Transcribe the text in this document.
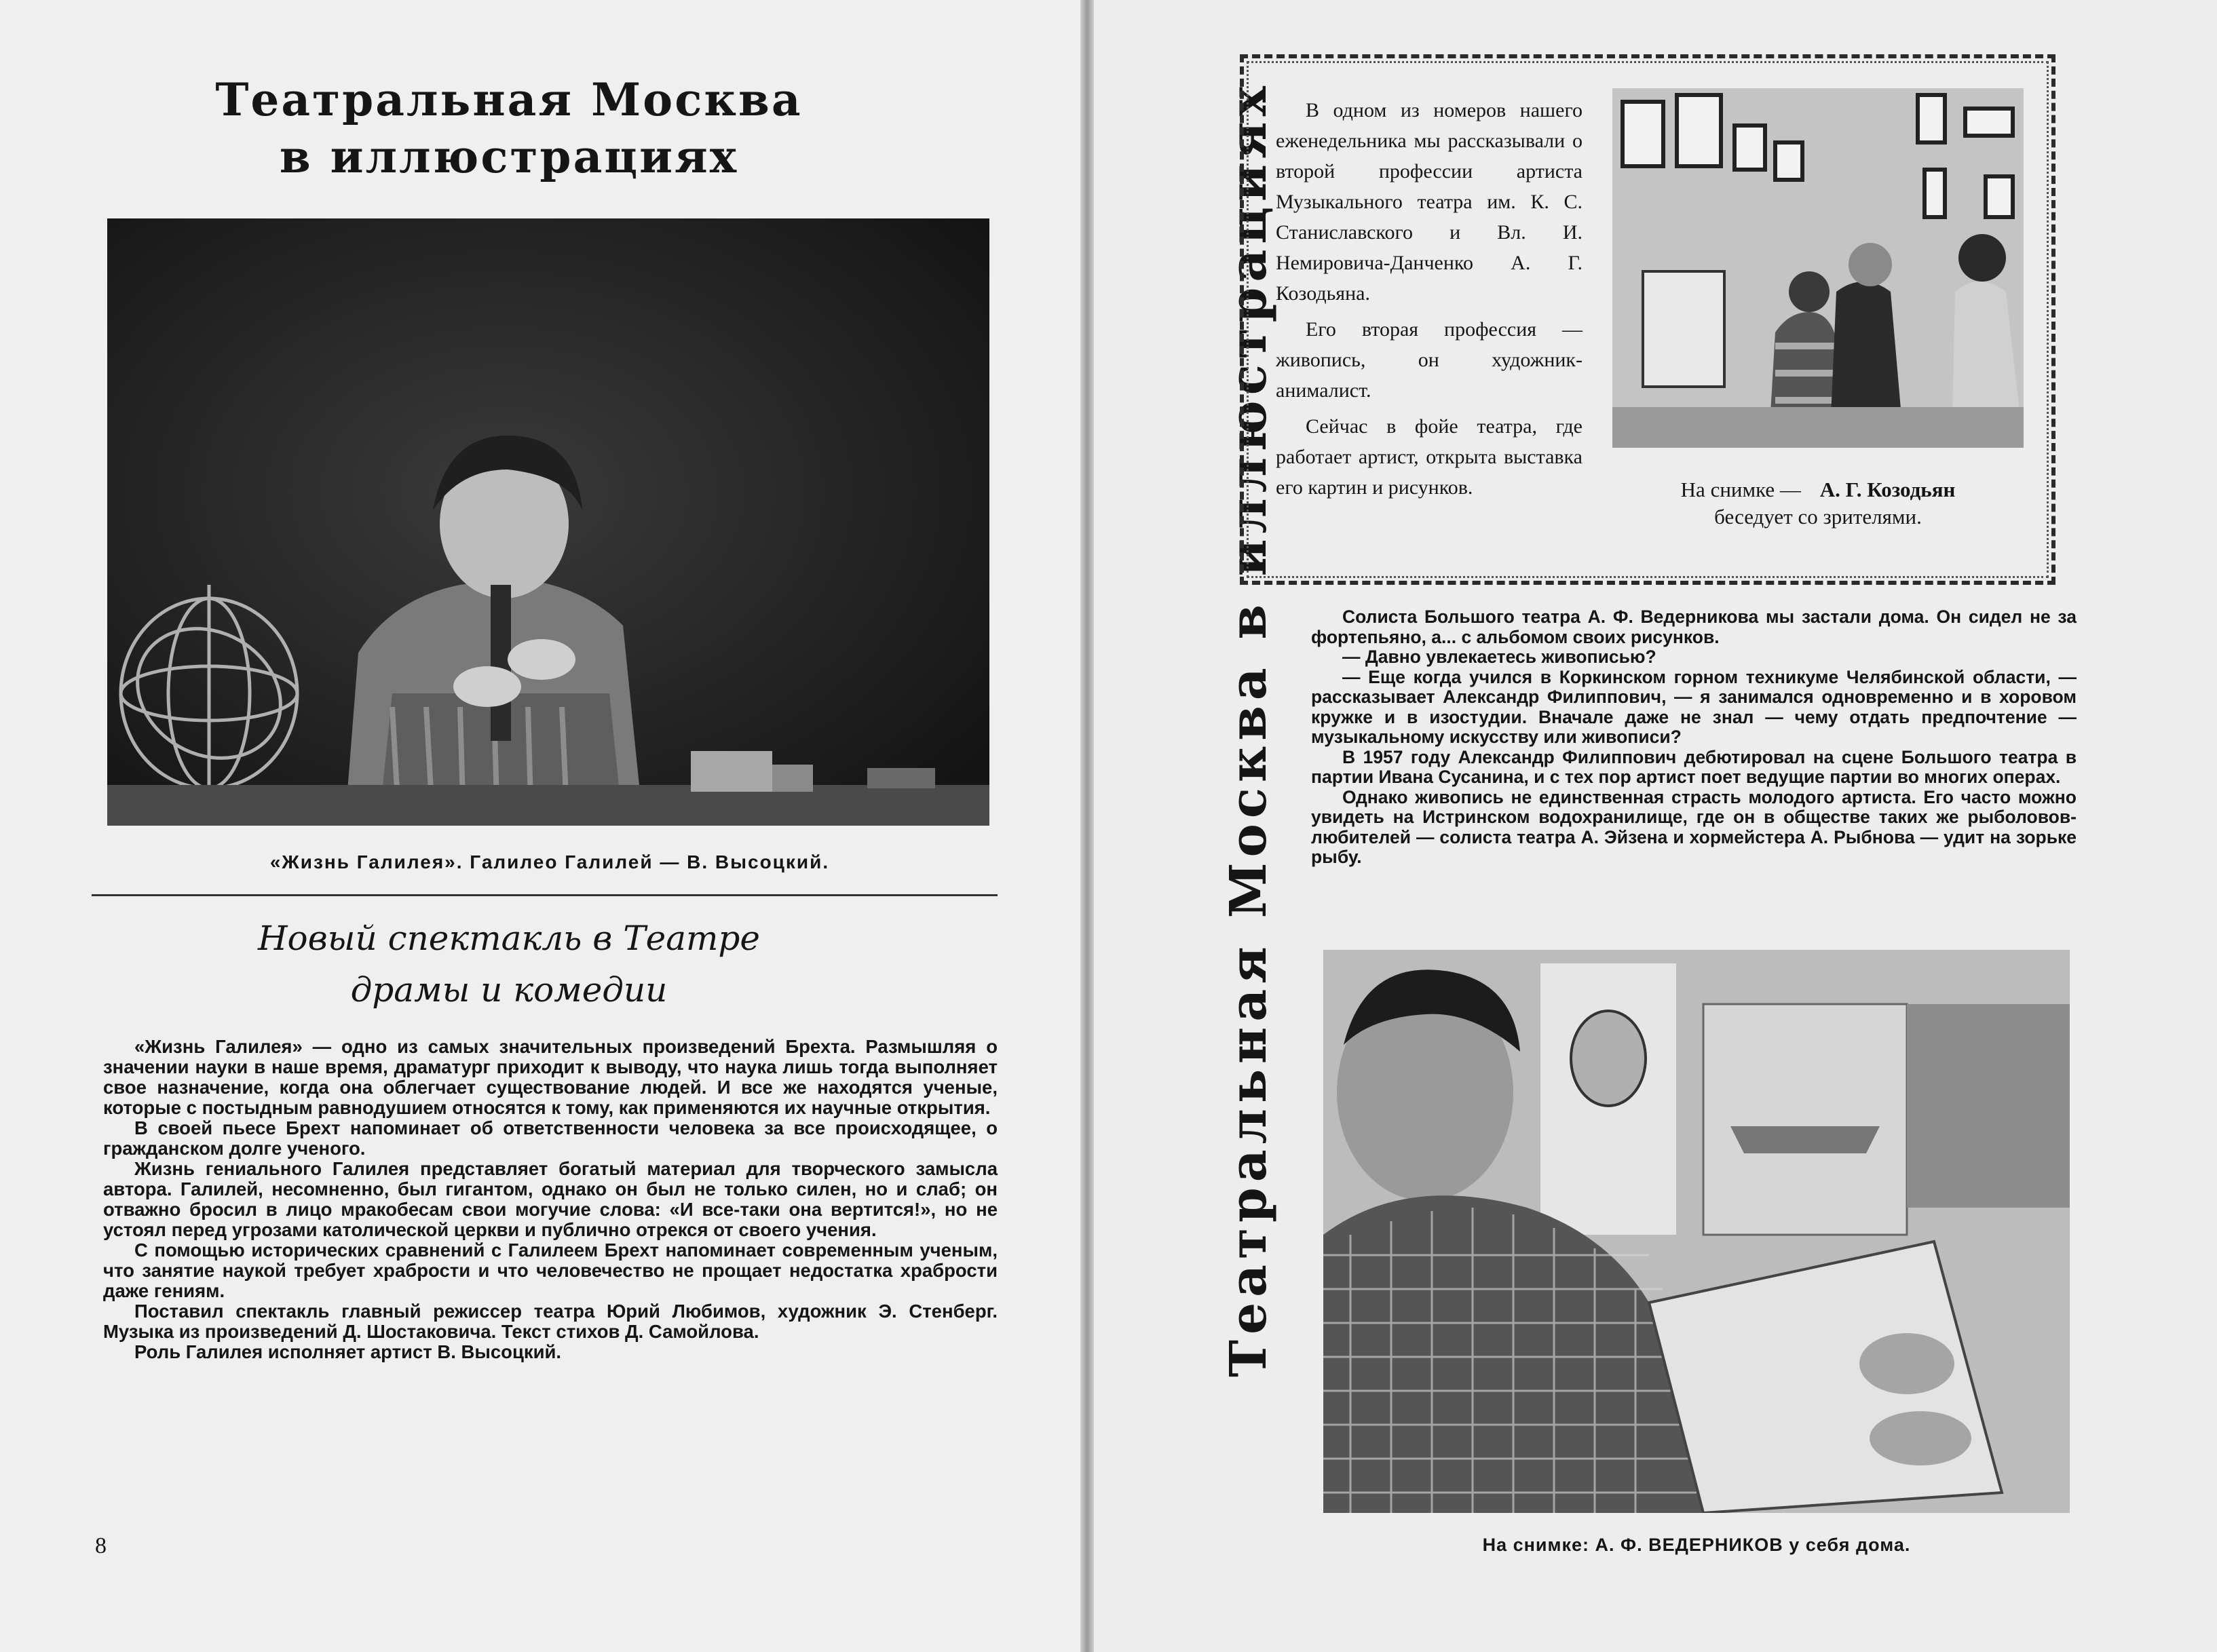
Театральная Москва
в иллюстрациях
«Жизнь Галилея». Галилео Галилей — В. Высоцкий.
Новый спектакль в Театре
драмы и комедии

«Жизнь Галилея» — одно из самых значительных произведений Брехта. Размышляя о значении науки в наше время, драматург приходит к выводу, что наука лишь тогда выполняет свое назначение, когда она облегчает существование людей. И все же находятся ученые, которые с постыдным равнодушием относятся к тому, как применяются их научные открытия.

В своей пьесе Брехт напоминает об ответственности человека за все происходящее, о гражданском долге ученого.

Жизнь гениального Галилея представляет богатый материал для творческого замысла автора. Галилей, несомненно, был гигантом, однако он был не только силен, но и слаб; он отважно бросил в лицо мракобесам свои могучие слова: «И все-таки она вертится!», но не устоял перед угрозами католической церкви и публично отрекся от своего учения.

С помощью исторических сравнений с Галилеем Брехт напоминает современным ученым, что занятие наукой требует храбрости и что человечество не прощает недостатка храбрости даже гениям.

Поставил спектакль главный режиссер театра Юрий Любимов, художник Э. Стенберг. Музыка из произведений Д. Шостаковича. Текст стихов Д. Самойлова.

Роль Галилея исполняет артист В. Высоцкий.

8
Театральная Москва в иллюстрациях	В одном из номеров нашего еженедельника мы рассказывали о второй профессии артиста Музыкального театра им. К. С. Станиславского и Вл. И. Немировича-Данченко А. Г. Козодьяна.

Его вторая профессия — живопись, он художник-анималист.

Сейчас в фойе театра, где работает артист, открыта выставка его картин и рисунков.	На снимке — А. Г. Козодьян
беседует со зрителями.

Солиста Большого театра А. Ф. Ведерникова мы застали дома. Он сидел не за фортепьяно, а... с альбомом своих рисунков.

— Давно увлекаетесь живописью?

— Еще когда учился в Коркинском горном техникуме Челябинской области, — рассказывает Александр Филиппович, — я занимался одновременно и в хоровом кружке и в изостудии. Вначале даже не знал — чему отдать предпочтение — музыкальному искусству или живописи?

В 1957 году Александр Филиппович дебютировал на сцене Большого театра в партии Ивана Сусанина, и с тех пор артист поет ведущие партии во многих операх.

Однако живопись не единственная страсть молодого артиста. Его часто можно увидеть на Истринском водохранилище, где он в обществе таких же рыболовов-любителей — солиста театра А. Эйзена и хормейстера А. Рыбнова — удит на зорьке рыбу.

На снимке: А. Ф. ВЕДЕРНИКОВ у себя дома.
